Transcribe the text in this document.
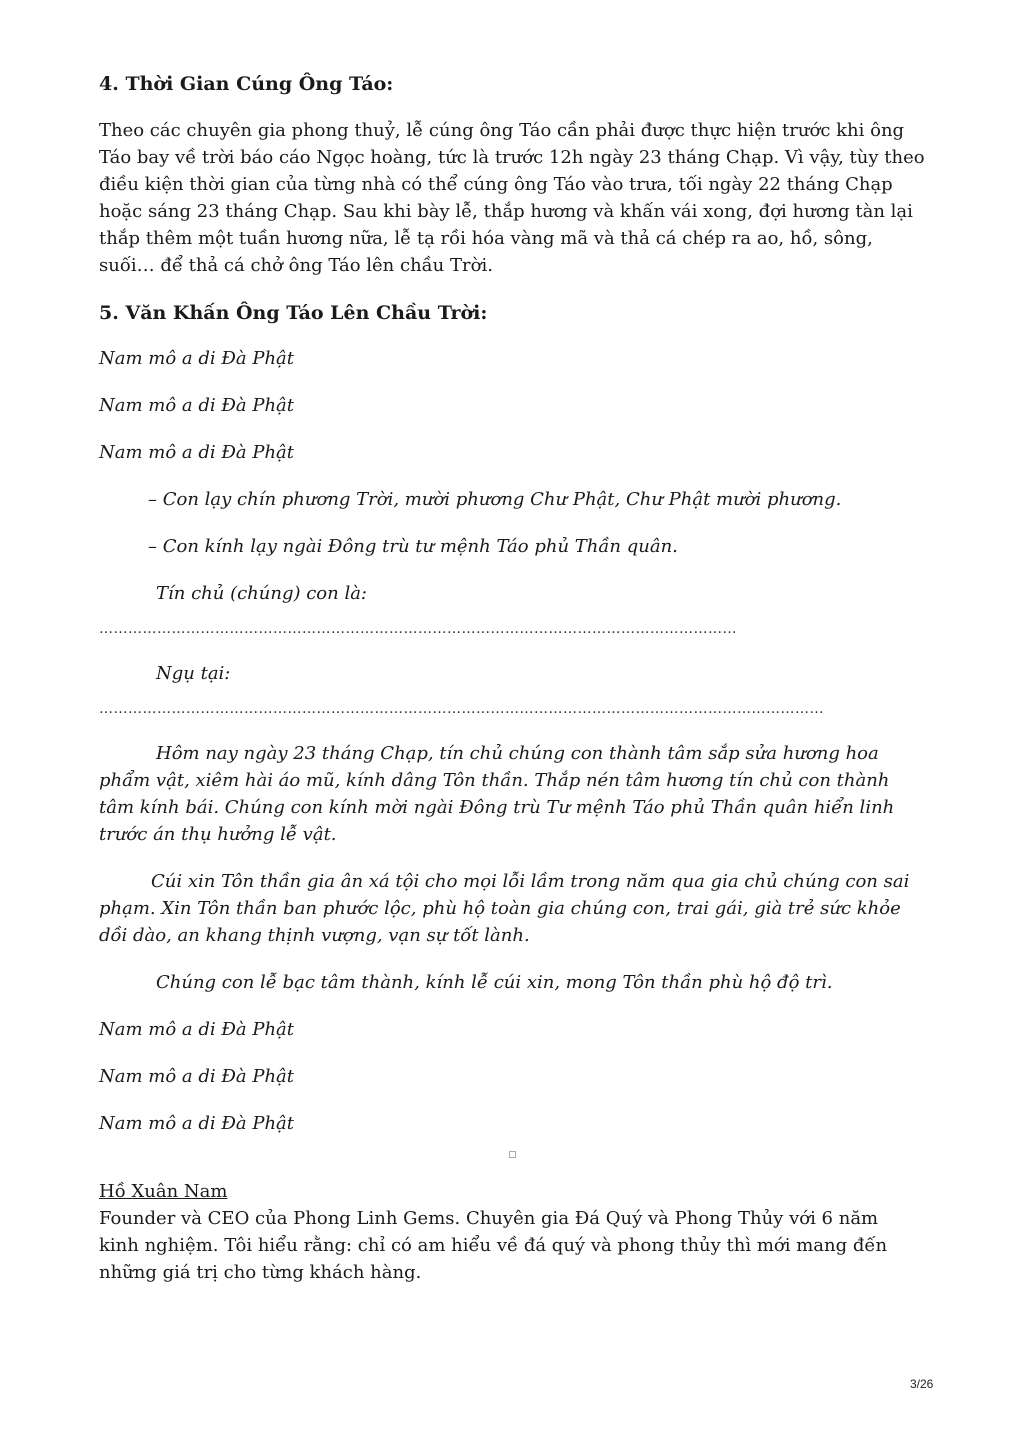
4. Thời Gian Cúng Ông Táo:

Theo các chuyên gia phong thuỷ, lễ cúng ông Táo cần phải được thực hiện trước khi ông Táo bay về trời báo cáo Ngọc hoàng, tức là trước 12h ngày 23 tháng Chạp. Vì vậy, tùy theo điều kiện thời gian của từng nhà có thể cúng ông Táo vào trưa, tối ngày 22 tháng Chạp hoặc sáng 23 tháng Chạp. Sau khi bày lễ, thắp hương và khấn vái xong, đợi hương tàn lại thắp thêm một tuần hương nữa, lễ tạ rồi hóa vàng mã và thả cá chép ra ao, hồ, sông, suối… để thả cá chở ông Táo lên chầu Trời.

5. Văn Khấn Ông Táo Lên Chầu Trời:

Nam mô a di Đà Phật

Nam mô a di Đà Phật

Nam mô a di Đà Phật

– Con lạy chín phương Trời, mười phương Chư Phật, Chư Phật mười phương.

– Con kính lạy ngài Đông trù tư mệnh Táo phủ Thần quân.

Tín chủ (chúng) con là:

……………………………………………………………………………………………………………………

Ngụ tại:

……………………………………………………………………………………………………………………………………

Hôm nay ngày 23 tháng Chạp, tín chủ chúng con thành tâm sắp sửa hương hoa phẩm vật, xiêm hài áo mũ, kính dâng Tôn thần. Thắp nén tâm hương tín chủ con thành tâm kính bái. Chúng con kính mời ngài Đông trù Tư mệnh Táo phủ Thần quân hiển linh trước án thụ hưởng lễ vật.

Cúi xin Tôn thần gia ân xá tội cho mọi lỗi lầm trong năm qua gia chủ chúng con sai phạm. Xin Tôn thần ban phước lộc, phù hộ toàn gia chúng con, trai gái, già trẻ sức khỏe dồi dào, an khang thịnh vượng, vạn sự tốt lành.

Chúng con lễ bạc tâm thành, kính lễ cúi xin, mong Tôn thần phù hộ độ trì.

Nam mô a di Đà Phật

Nam mô a di Đà Phật

Nam mô a di Đà Phật

Hồ Xuân Nam

Founder và CEO của Phong Linh Gems. Chuyên gia Đá Quý và Phong Thủy với 6 năm kinh nghiệm. Tôi hiểu rằng: chỉ có am hiểu về đá quý và phong thủy thì mới mang đến những giá trị cho từng khách hàng.

3/26
